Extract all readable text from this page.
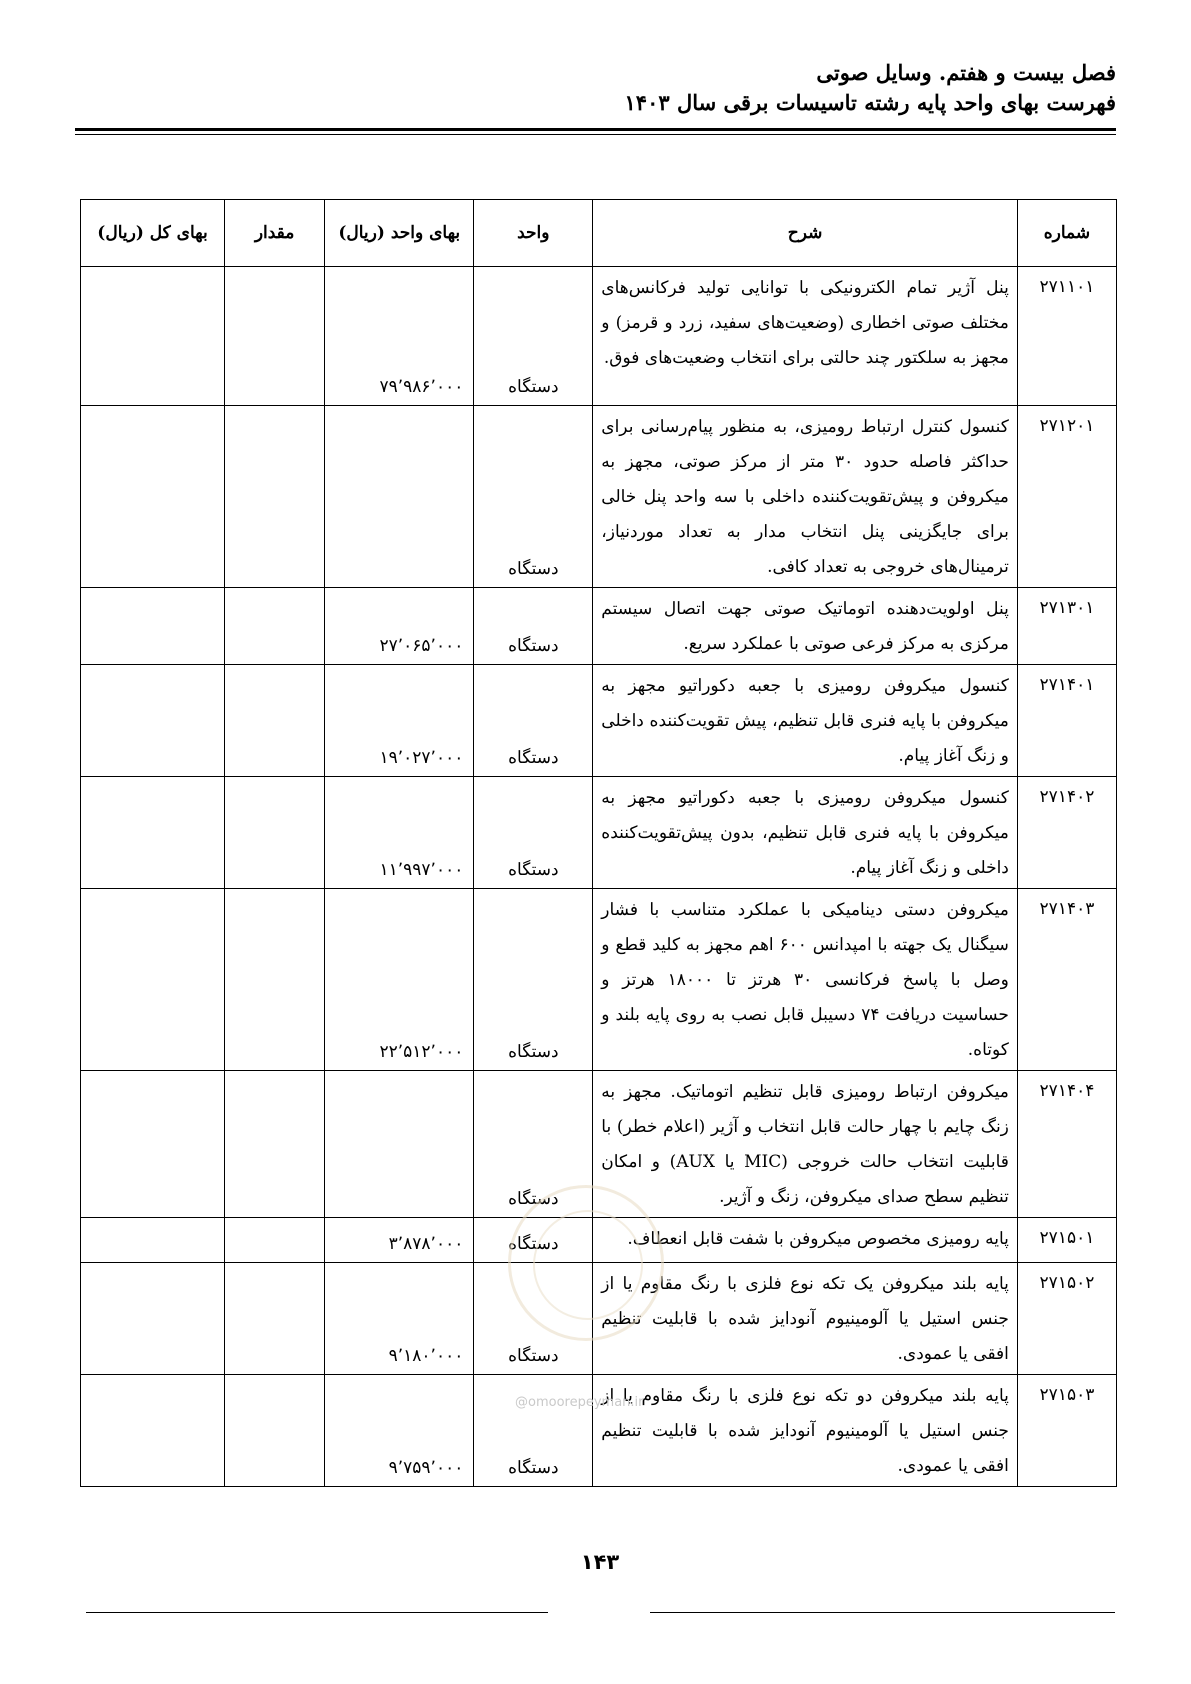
فصل بیست و هفتم. وسایل صوتی
فهرست بهای واحد پایه رشته تاسیسات برقی سال ۱۴۰۳
شماره	شرح	واحد	بهای واحد (ریال)	مقدار	بهای کل (ریال)
۲۷۱۱۰۱	پنل آژیر تمام الکترونیکی با توانایی تولید فرکانس‌های مختلف صوتی اخطاری (وضعیت‌های سفید، زرد و قرمز) و مجهز به سلکتور چند حالتی برای انتخاب وضعیت‌های فوق.	دستگاه	۷۹٬۹۸۶٬۰۰۰		
۲۷۱۲۰۱	کنسول کنترل ارتباط رومیزی، به منظور پیام‌رسانی برای حداکثر فاصله حدود ۳۰ متر از مرکز صوتی، مجهز به میکروفن و پیش‌تقویت‌کننده داخلی با سه واحد پنل خالی برای جایگزینی پنل انتخاب مدار به تعداد موردنیاز، ترمینال‌های خروجی به تعداد کافی.	دستگاه			
۲۷۱۳۰۱	پنل اولویت‌دهنده اتوماتیک صوتی جهت اتصال سیستم مرکزی به مرکز فرعی صوتی با عملکرد سریع.	دستگاه	۲۷٬۰۶۵٬۰۰۰		
۲۷۱۴۰۱	کنسول میکروفن رومیزی با جعبه دکوراتیو مجهز به میکروفن با پایه فنری قابل تنظیم، پیش تقویت‌کننده داخلی و زنگ آغاز پیام.	دستگاه	۱۹٬۰۲۷٬۰۰۰		
۲۷۱۴۰۲	کنسول میکروفن رومیزی با جعبه دکوراتیو مجهز به میکروفن با پایه فنری قابل تنظیم، بدون پیش‌تقویت‌کننده داخلی و زنگ آغاز پیام.	دستگاه	۱۱٬۹۹۷٬۰۰۰		
۲۷۱۴۰۳	میکروفن دستی دینامیکی با عملکرد متناسب با فشار سیگنال یک جهته با امپدانس ۶۰۰ اهم مجهز به کلید قطع و وصل با پاسخ فرکانسی ۳۰ هرتز تا ۱۸۰۰۰ هرتز و حساسیت دریافت ۷۴ دسیبل قابل نصب به روی پایه بلند و کوتاه.	دستگاه	۲۲٬۵۱۲٬۰۰۰		
۲۷۱۴۰۴	میکروفن ارتباط رومیزی قابل تنظیم اتوماتیک. مجهز به زنگ چایم با چهار حالت قابل انتخاب و آژیر (اعلام خطر) با قابلیت انتخاب حالت خروجی (MIC یا AUX) و امکان تنظیم سطح صدای میکروفن، زنگ و آژیر.	دستگاه			
۲۷۱۵۰۱	پایه رومیزی مخصوص میکروفن با شفت قابل انعطاف.	دستگاه	۳٬۸۷۸٬۰۰۰		
۲۷۱۵۰۲	پایه بلند میکروفن یک تکه نوع فلزی با رنگ مقاوم یا از جنس استیل یا آلومینیوم آنودایز شده با قابلیت تنظیم افقی یا عمودی.	دستگاه	۹٬۱۸۰٬۰۰۰		
۲۷۱۵۰۳	پایه بلند میکروفن دو تکه نوع فلزی با رنگ مقاوم یا از جنس استیل یا آلومینیوم آنودایز شده با قابلیت تنظیم افقی یا عمودی.	دستگاه	۹٬۷۵۹٬۰۰۰		
@omoorepeyman.ir
۱۴۳
